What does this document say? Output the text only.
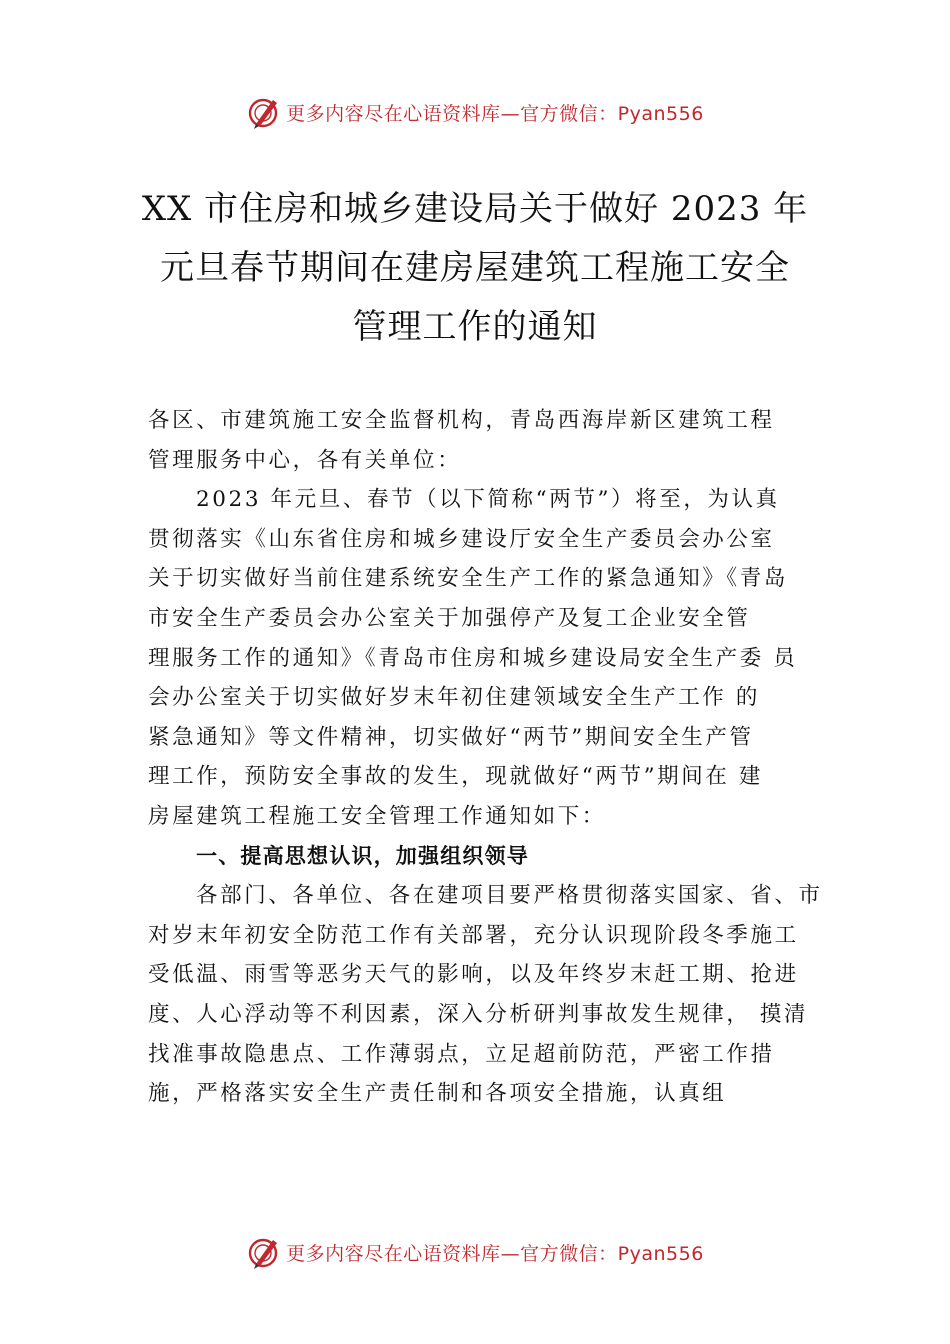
更多内容尽在心语资料库—官方微信：Pyan556
XX 市住房和城乡建设局关于做好 2023 年
元旦春节期间在建房屋建筑工程施工安全
管理工作的通知
各区、市建筑施工安全监督机构，青岛西海岸新区建筑工程
管理服务中心，各有关单位：
2023 年元旦、春节（以下简称“两节”）将至，为认真
贯彻落实《山东省住房和城乡建设厅安全生产委员会办公室
关于切实做好当前住建系统安全生产工作的紧急通知》《青岛
市安全生产委员会办公室关于加强停产及复工企业安全管
理服务工作的通知》《青岛市住房和城乡建设局安全生产委 员
会办公室关于切实做好岁末年初住建领域安全生产工作 的
紧急通知》等文件精神，切实做好“两节”期间安全生产管
理工作，预防安全事故的发生，现就做好“两节”期间在 建
房屋建筑工程施工安全管理工作通知如下：
一、提高思想认识，加强组织领导
各部门、各单位、各在建项目要严格贯彻落实国家、省、市
对岁末年初安全防范工作有关部署，充分认识现阶段冬季施工
受低温、雨雪等恶劣天气的影响，以及年终岁末赶工期、抢进
度、人心浮动等不利因素，深入分析研判事故发生规律， 摸清
找准事故隐患点、工作薄弱点，立足超前防范，严密工作措
施，严格落实安全生产责任制和各项安全措施，认真组
更多内容尽在心语资料库—官方微信：Pyan556
